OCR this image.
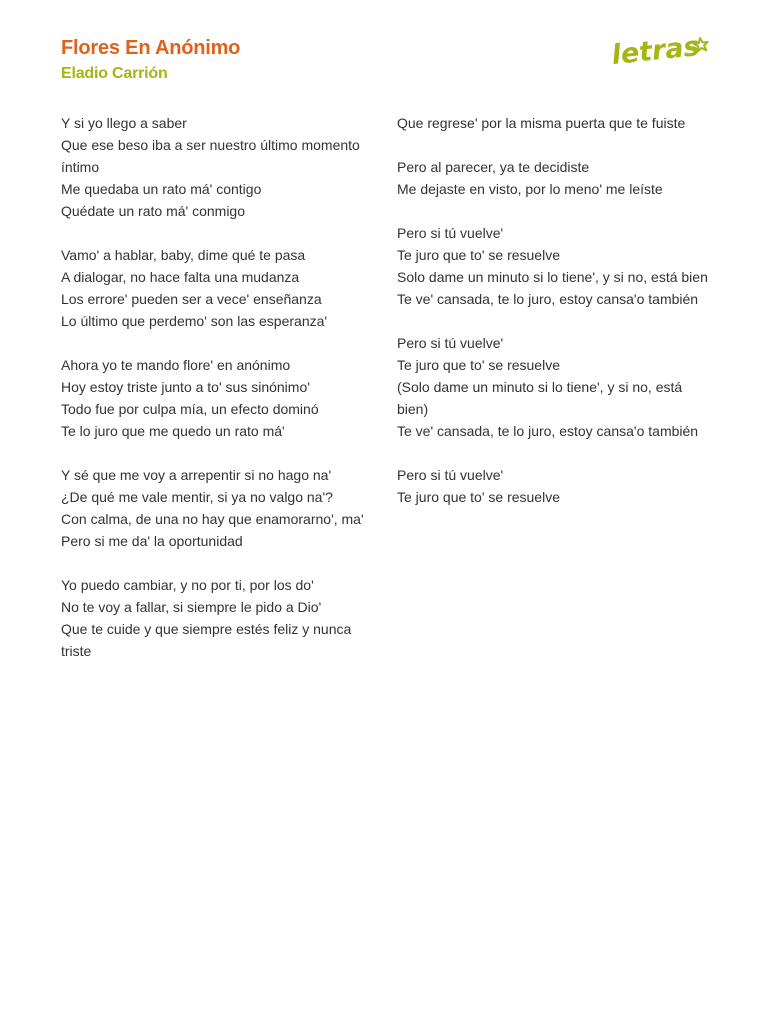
Flores En Anónimo
Eladio Carrión
letras
Y si yo llego a saber
Que ese beso iba a ser nuestro último momento íntimo
Me quedaba un rato má' contigo
Quédate un rato má' conmigo
Vamo' a hablar, baby, dime qué te pasa
A dialogar, no hace falta una mudanza
Los errore' pueden ser a vece' enseñanza
Lo último que perdemo' son las esperanza'
Ahora yo te mando flore' en anónimo
Hoy estoy triste junto a to' sus sinónimo'
Todo fue por culpa mía, un efecto dominó
Te lo juro que me quedo un rato má'
Y sé que me voy a arrepentir si no hago na'
¿De qué me vale mentir, si ya no valgo na'?
Con calma, de una no hay que enamorarno', ma'
Pero si me da' la oportunidad
Yo puedo cambiar, y no por ti, por los do'
No te voy a fallar, si siempre le pido a Dio'
Que te cuide y que siempre estés feliz y nunca triste
Que regrese' por la misma puerta que te fuiste
Pero al parecer, ya te decidiste
Me dejaste en visto, por lo meno' me leíste
Pero si tú vuelve'
Te juro que to' se resuelve
Solo dame un minuto si lo tiene', y si no, está bien
Te ve' cansada, te lo juro, estoy cansa'o también
Pero si tú vuelve'
Te juro que to' se resuelve
(Solo dame un minuto si lo tiene', y si no, está bien)
Te ve' cansada, te lo juro, estoy cansa'o también
Pero si tú vuelve'
Te juro que to' se resuelve
